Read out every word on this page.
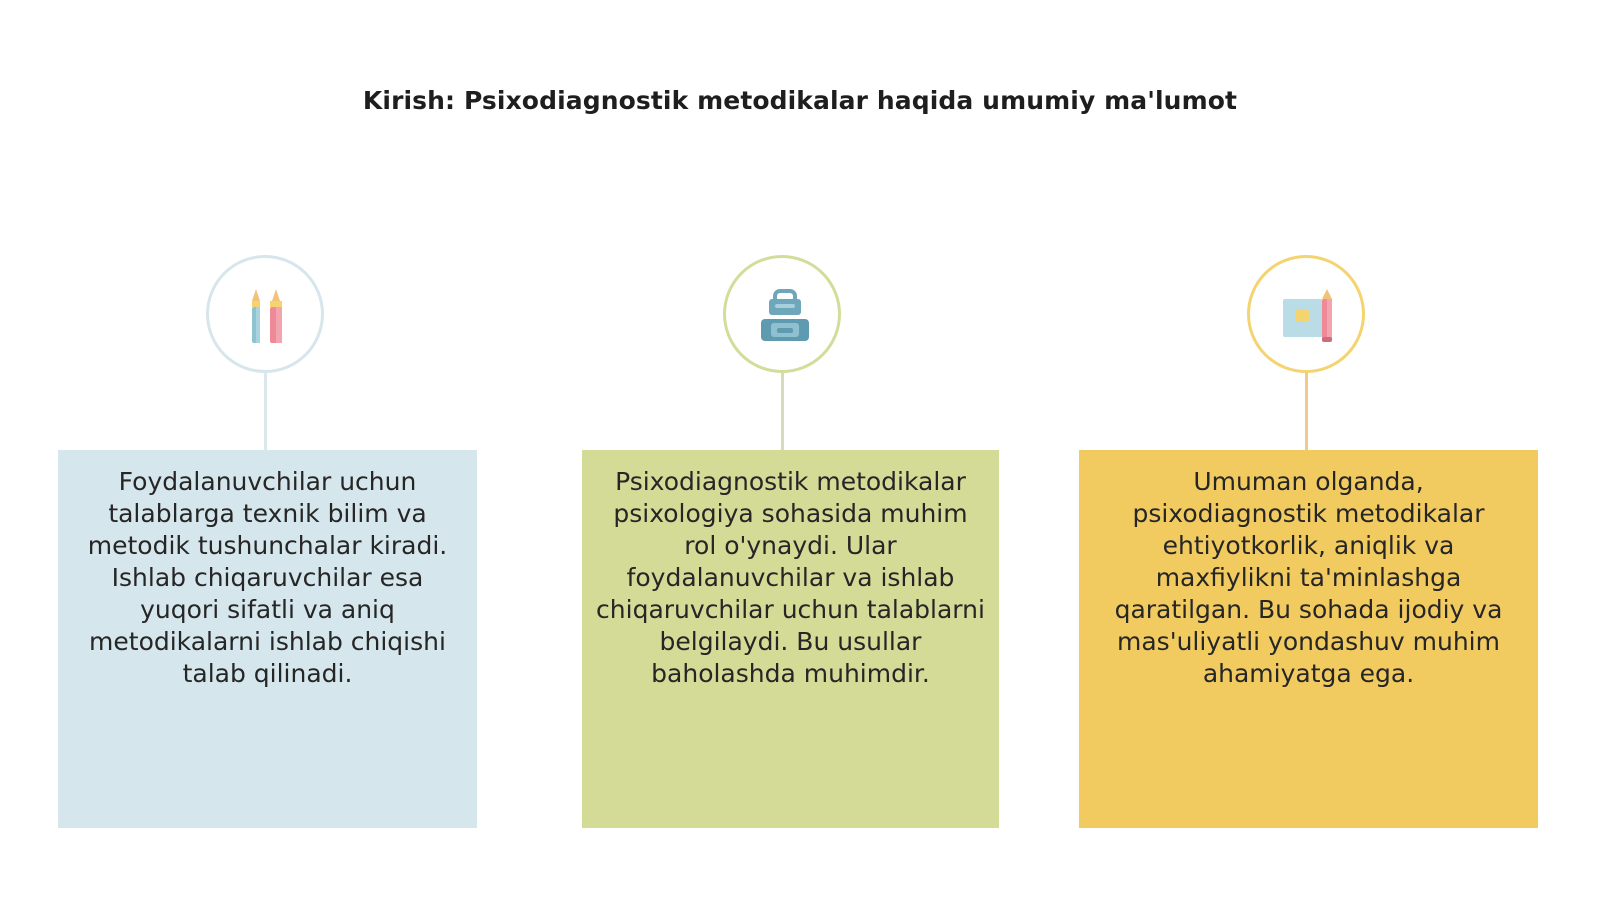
Kirish: Psixodiagnostik metodikalar haqida umumiy ma'lumot
Foydalanuvchilar uchun talablarga texnik bilim va metodik tushunchalar kiradi. Ishlab chiqaruvchilar esa yuqori sifatli va aniq metodikalarni ishlab chiqishi talab qilinadi.
Psixodiagnostik metodikalar psixologiya sohasida muhim rol o'ynaydi. Ular foydalanuvchilar va ishlab chiqaruvchilar uchun talablarni belgilaydi. Bu usullar baholashda muhimdir.
Umuman olganda, psixodiagnostik metodikalar ehtiyotkorlik, aniqlik va maxfiylikni ta'minlashga qaratilgan. Bu sohada ijodiy va mas'uliyatli yondashuv muhim ahamiyatga ega.
